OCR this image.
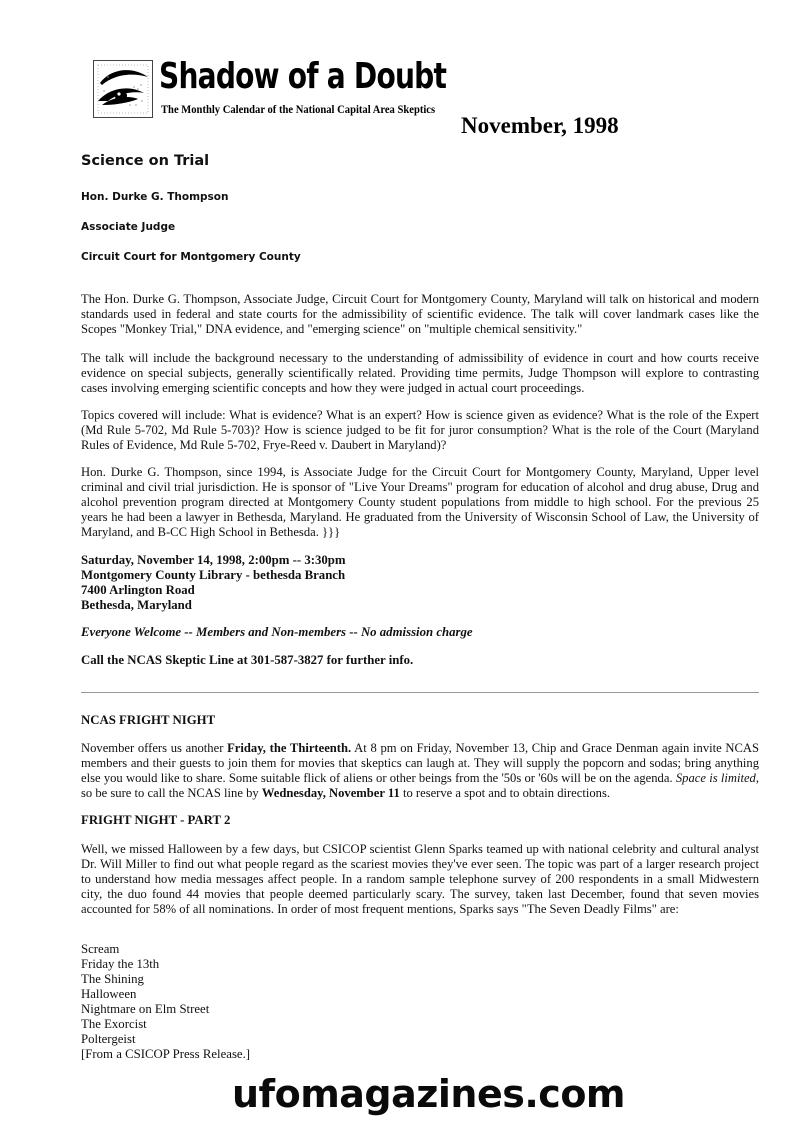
Shadow of a Doubt
The Monthly Calendar of the National Capital Area Skeptics
November, 1998
Science on Trial
Hon. Durke G. Thompson
Associate Judge
Circuit Court for Montgomery County
The Hon. Durke G. Thompson, Associate Judge, Circuit Court for Montgomery County, Maryland will talk on historical and modern standards used in federal and state courts for the admissibility of scientific evidence. The talk will cover landmark cases like the Scopes "Monkey Trial," DNA evidence, and "emerging science" on "multiple chemical sensitivity."
The talk will include the background necessary to the understanding of admissibility of evidence in court and how courts receive evidence on special subjects, generally scientifically related. Providing time permits, Judge Thompson will explore to contrasting cases involving emerging scientific concepts and how they were judged in actual court proceedings.
Topics covered will include: What is evidence? What is an expert? How is science given as evidence? What is the role of the Expert (Md Rule 5-702, Md Rule 5-703)? How is science judged to be fit for juror consumption? What is the role of the Court (Maryland Rules of Evidence, Md Rule 5-702, Frye-Reed v. Daubert in Maryland)?
Hon. Durke G. Thompson, since 1994, is Associate Judge for the Circuit Court for Montgomery County, Maryland, Upper level criminal and civil trial jurisdiction. He is sponsor of "Live Your Dreams" program for education of alcohol and drug abuse, Drug and alcohol prevention program directed at Montgomery County student populations from middle to high school. For the previous 25 years he had been a lawyer in Bethesda, Maryland. He graduated from the University of Wisconsin School of Law, the University of Maryland, and B-CC High School in Bethesda. }}}
Saturday, November 14, 1998, 2:00pm -- 3:30pm
Montgomery County Library - bethesda Branch
7400 Arlington Road
Bethesda, Maryland
Everyone Welcome -- Members and Non-members -- No admission charge
Call the NCAS Skeptic Line at 301-587-3827 for further info.
NCAS FRIGHT NIGHT
November offers us another Friday, the Thirteenth. At 8 pm on Friday, November 13, Chip and Grace Denman again invite NCAS members and their guests to join them for movies that skeptics can laugh at. They will supply the popcorn and sodas; bring anything else you would like to share. Some suitable flick of aliens or other beings from the '50s or '60s will be on the agenda. Space is limited, so be sure to call the NCAS line by Wednesday, November 11 to reserve a spot and to obtain directions.
FRIGHT NIGHT - PART 2
Well, we missed Halloween by a few days, but CSICOP scientist Glenn Sparks teamed up with national celebrity and cultural analyst Dr. Will Miller to find out what people regard as the scariest movies they've ever seen. The topic was part of a larger research project to understand how media messages affect people. In a random sample telephone survey of 200 respondents in a small Midwestern city, the duo found 44 movies that people deemed particularly scary. The survey, taken last December, found that seven movies accounted for 58% of all nominations. In order of most frequent mentions, Sparks says "The Seven Deadly Films" are:
Scream
Friday the 13th
The Shining
Halloween
Nightmare on Elm Street
The Exorcist
Poltergeist
[From a CSICOP Press Release.]
ufomagazines.com
